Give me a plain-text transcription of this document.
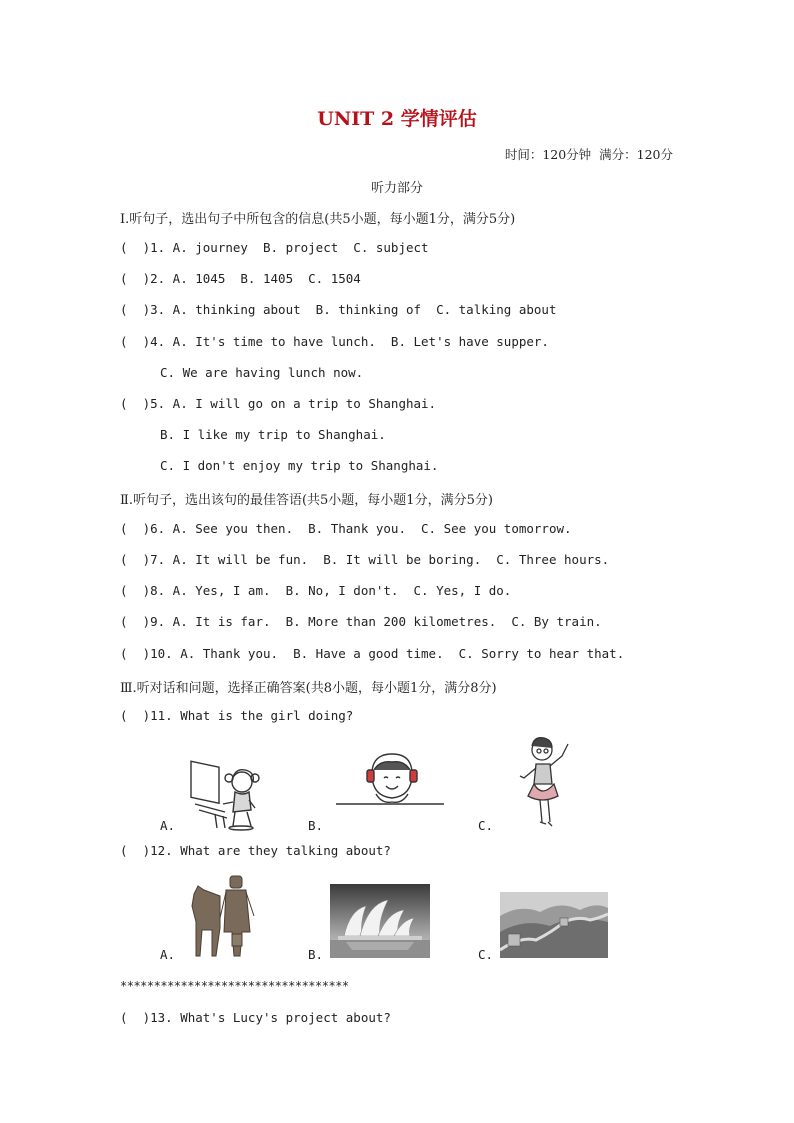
UNIT 2 学情评估
时间：120分钟  满分：120分
听力部分
Ⅰ.听句子，选出句子中所包含的信息(共5小题，每小题1分，满分5分)
(  )1. A. journey  B. project  C. subject
(  )2. A. 1045  B. 1405  C. 1504
(  )3. A. thinking about  B. thinking of  C. talking about
(  )4. A. It's time to have lunch.  B. Let's have supper.
C. We are having lunch now.
(  )5. A. I will go on a trip to Shanghai.
B. I like my trip to Shanghai.
C. I don't enjoy my trip to Shanghai.
Ⅱ.听句子，选出该句的最佳答语(共5小题，每小题1分，满分5分)
(  )6. A. See you then.  B. Thank you.  C. See you tomorrow.
(  )7. A. It will be fun.  B. It will be boring.  C. Three hours.
(  )8. A. Yes, I am.  B. No, I don't.  C. Yes, I do.
(  )9. A. It is far.  B. More than 200 kilometres.  C. By train.
(  )10. A. Thank you.  B. Have a good time.  C. Sorry to hear that.
Ⅲ.听对话和问题，选择正确答案(共8小题，每小题1分，满分8分)
(  )11. What is the girl doing?
A.	B.	C.
(  )12. What are they talking about?
A.	B.	C.
**********************************
(  )13. What's Lucy's project about?
